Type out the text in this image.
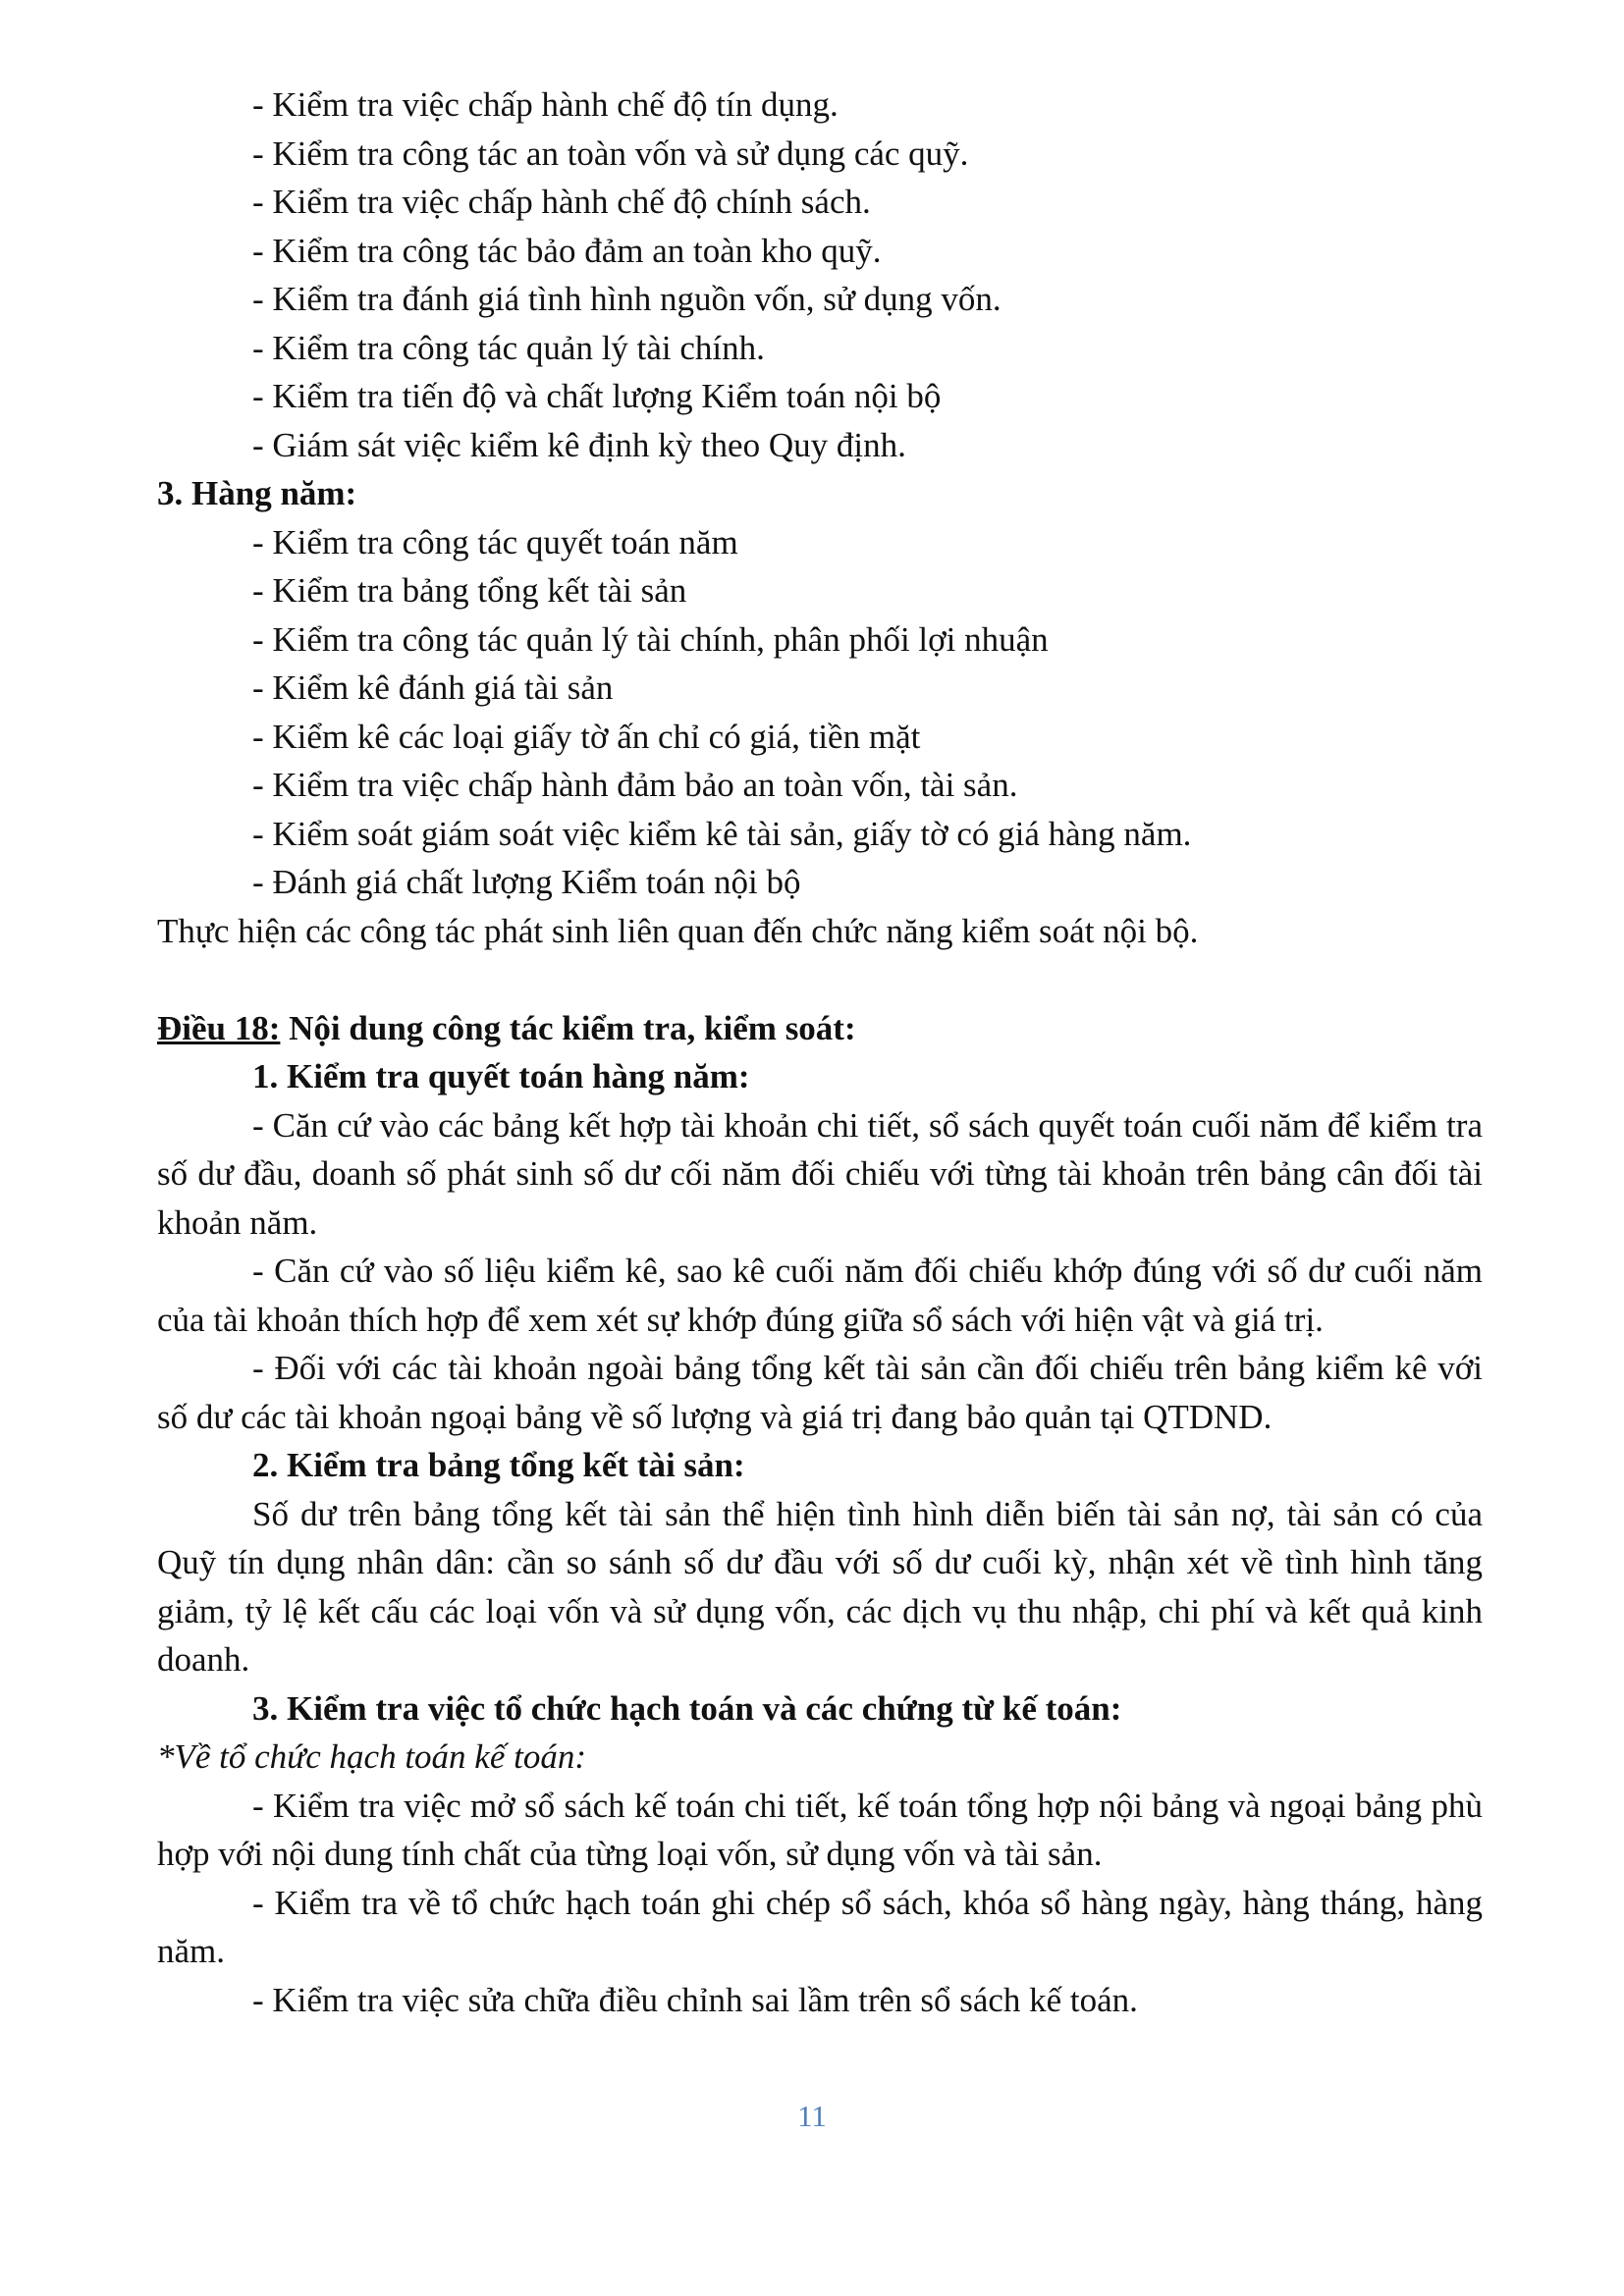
- Kiểm tra việc chấp hành chế độ tín dụng.

- Kiểm tra công tác an toàn vốn và sử dụng các quỹ.

- Kiểm tra việc chấp hành chế độ chính sách.

- Kiểm tra công tác bảo đảm an toàn kho quỹ.

- Kiểm tra đánh giá tình hình nguồn vốn, sử dụng vốn.

- Kiểm tra công tác quản lý tài chính.

- Kiểm tra tiến độ và chất lượng Kiểm toán nội bộ

- Giám sát việc kiểm kê định kỳ theo Quy định.

3. Hàng năm:

- Kiểm tra công tác quyết toán năm

- Kiểm tra bảng tổng kết tài sản

- Kiểm tra công tác quản lý tài chính, phân phối lợi nhuận

- Kiểm kê đánh giá tài sản

- Kiểm kê các loại giấy tờ ấn chỉ có giá, tiền mặt

- Kiểm tra việc chấp hành đảm bảo an toàn vốn, tài sản.

- Kiểm soát giám soát việc kiểm kê tài sản, giấy tờ có giá hàng năm.

- Đánh giá chất lượng Kiểm toán nội bộ

Thực hiện các công tác phát sinh liên quan đến chức năng kiểm soát nội bộ.

Điều 18: Nội dung công tác kiểm tra, kiểm soát:

1. Kiểm tra quyết toán hàng năm:

- Căn cứ vào các bảng kết hợp tài khoản chi tiết, sổ sách quyết toán cuối năm để kiểm tra số dư đầu, doanh số phát sinh số dư cối năm đối chiếu với từng tài khoản trên bảng cân đối tài khoản năm.

- Căn cứ vào số liệu kiểm kê, sao kê cuối năm đối chiếu khớp đúng với số dư cuối năm của tài khoản thích hợp để xem xét sự khớp đúng giữa sổ sách với hiện vật và giá trị.

- Đối với các tài khoản ngoài bảng tổng kết tài sản cần đối chiếu trên bảng kiểm kê với số dư các tài khoản ngoại bảng về số lượng và giá trị đang bảo quản tại QTDND.

2. Kiểm tra bảng tổng kết tài sản:

Số dư trên bảng tổng kết tài sản thể hiện tình hình diễn biến tài sản nợ, tài sản có của Quỹ tín dụng nhân dân: cần so sánh số dư đầu với số dư cuối kỳ, nhận xét về tình hình tăng giảm, tỷ lệ kết cấu các loại vốn và sử dụng vốn, các dịch vụ thu nhập, chi phí và kết quả kinh doanh.

3. Kiểm tra việc tổ chức hạch toán và các chứng từ kế toán:

*Về tổ chức hạch toán kế toán:

- Kiểm tra việc mở sổ sách kế toán chi tiết, kế toán tổng hợp nội bảng và ngoại bảng phù hợp với nội dung tính chất của từng loại vốn, sử dụng vốn và tài sản.

- Kiểm tra về tổ chức hạch toán ghi chép sổ sách, khóa sổ hàng ngày, hàng tháng, hàng năm.

- Kiểm tra việc sửa chữa điều chỉnh sai lầm trên sổ sách kế toán.

11
